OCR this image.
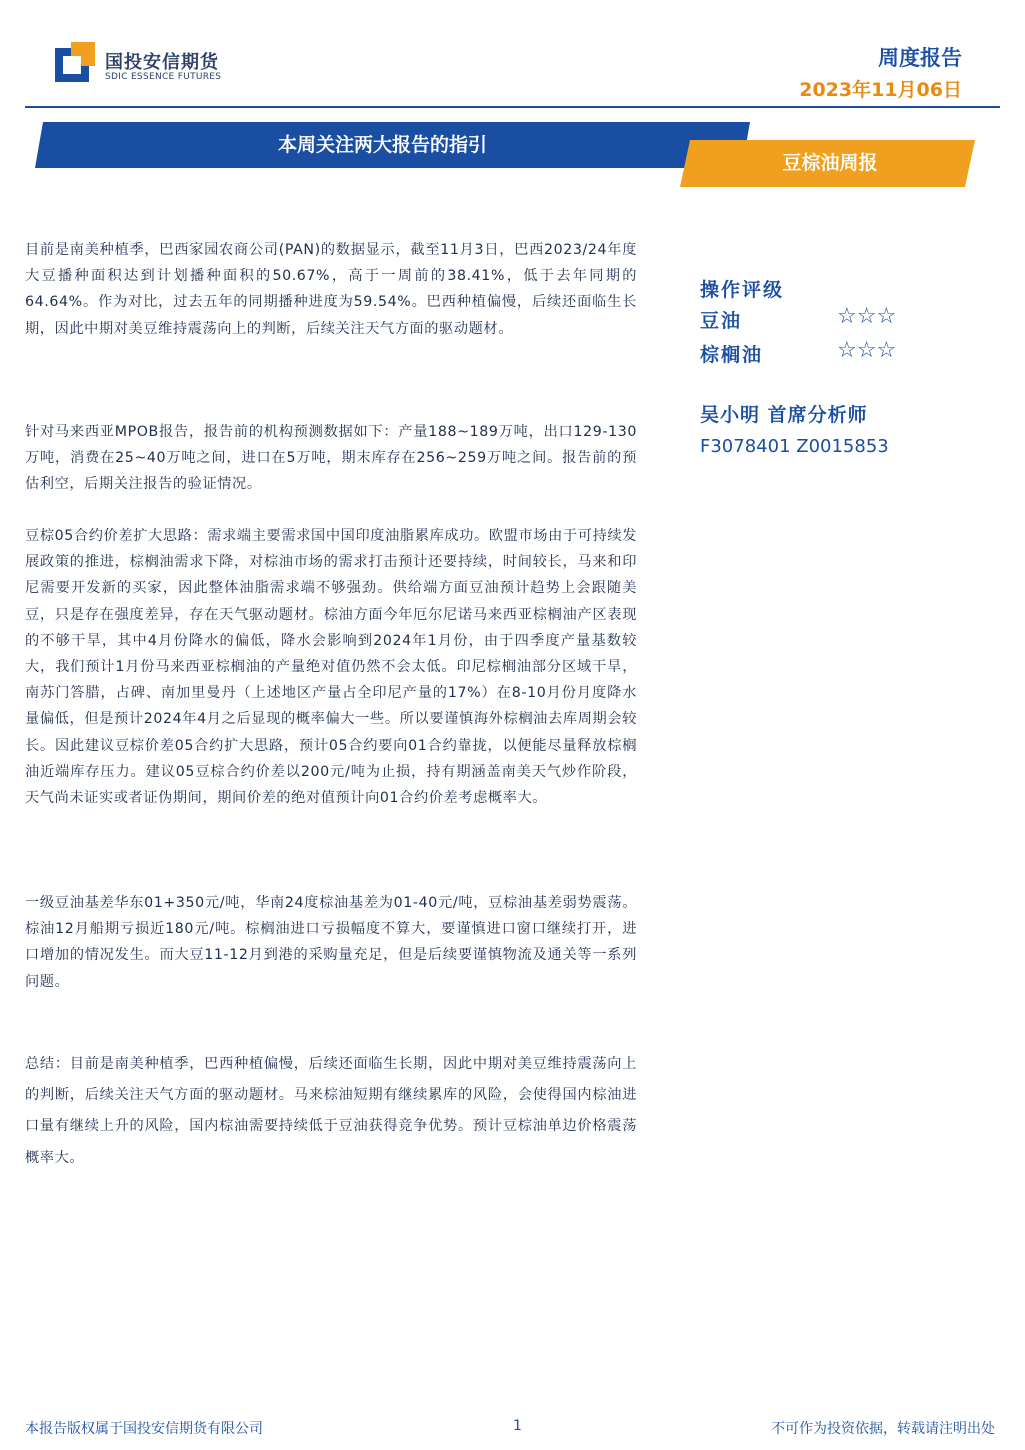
国投安信期货
SDIC ESSENCE FUTURES
周度报告
2023年11月06日
本周关注两大报告的指引
豆棕油周报

目前是南美种植季，巴西家园农商公司(PAN)的数据显示，截至11月3日，巴西2023/24年度大豆播种面积达到计划播种面积的50.67%，高于一周前的38.41%，低于去年同期的64.64%。作为对比，过去五年的同期播种进度为59.54%。巴西种植偏慢，后续还面临生长期，因此中期对美豆维持震荡向上的判断，后续关注天气方面的驱动题材。

针对马来西亚MPOB报告，报告前的机构预测数据如下：产量188~189万吨，出口129-130万吨，消费在25~40万吨之间，进口在5万吨，期末库存在256~259万吨之间。报告前的预估利空，后期关注报告的验证情况。

豆棕05合约价差扩大思路：需求端主要需求国中国印度油脂累库成功。欧盟市场由于可持续发展政策的推进，棕榈油需求下降，对棕油市场的需求打击预计还要持续，时间较长，马来和印尼需要开发新的买家，因此整体油脂需求端不够强劲。供给端方面豆油预计趋势上会跟随美豆，只是存在强度差异，存在天气驱动题材。棕油方面今年厄尔尼诺马来西亚棕榈油产区表现的不够干旱，其中4月份降水的偏低，降水会影响到2024年1月份，由于四季度产量基数较大，我们预计1月份马来西亚棕榈油的产量绝对值仍然不会太低。印尼棕榈油部分区域干旱，南苏门答腊，占碑、南加里曼丹（上述地区产量占全印尼产量的17%）在8-10月份月度降水量偏低，但是预计2024年4月之后显现的概率偏大一些。所以要谨慎海外棕榈油去库周期会较长。因此建议豆棕价差05合约扩大思路，预计05合约要向01合约靠拢，以便能尽量释放棕榈油近端库存压力。建议05豆棕合约价差以200元/吨为止损，持有期涵盖南美天气炒作阶段，天气尚未证实或者证伪期间，期间价差的绝对值预计向01合约价差考虑概率大。

一级豆油基差华东01+350元/吨，华南24度棕油基差为01-40元/吨，豆棕油基差弱势震荡。棕油12月船期亏损近180元/吨。棕榈油进口亏损幅度不算大，要谨慎进口窗口继续打开，进口增加的情况发生。而大豆11-12月到港的采购量充足，但是后续要谨慎物流及通关等一系列问题。

总结：目前是南美种植季，巴西种植偏慢，后续还面临生长期，因此中期对美豆维持震荡向上的判断，后续关注天气方面的驱动题材。马来棕油短期有继续累库的风险，会使得国内棕油进口量有继续上升的风险，国内棕油需要持续低于豆油获得竞争优势。预计豆棕油单边价格震荡概率大。

操作评级
豆油	☆☆☆
棕榈油	☆☆☆
吴小明 首席分析师
F3078401 Z0015853
本报告版权属于国投安信期货有限公司	1	不可作为投资依据，转载请注明出处
